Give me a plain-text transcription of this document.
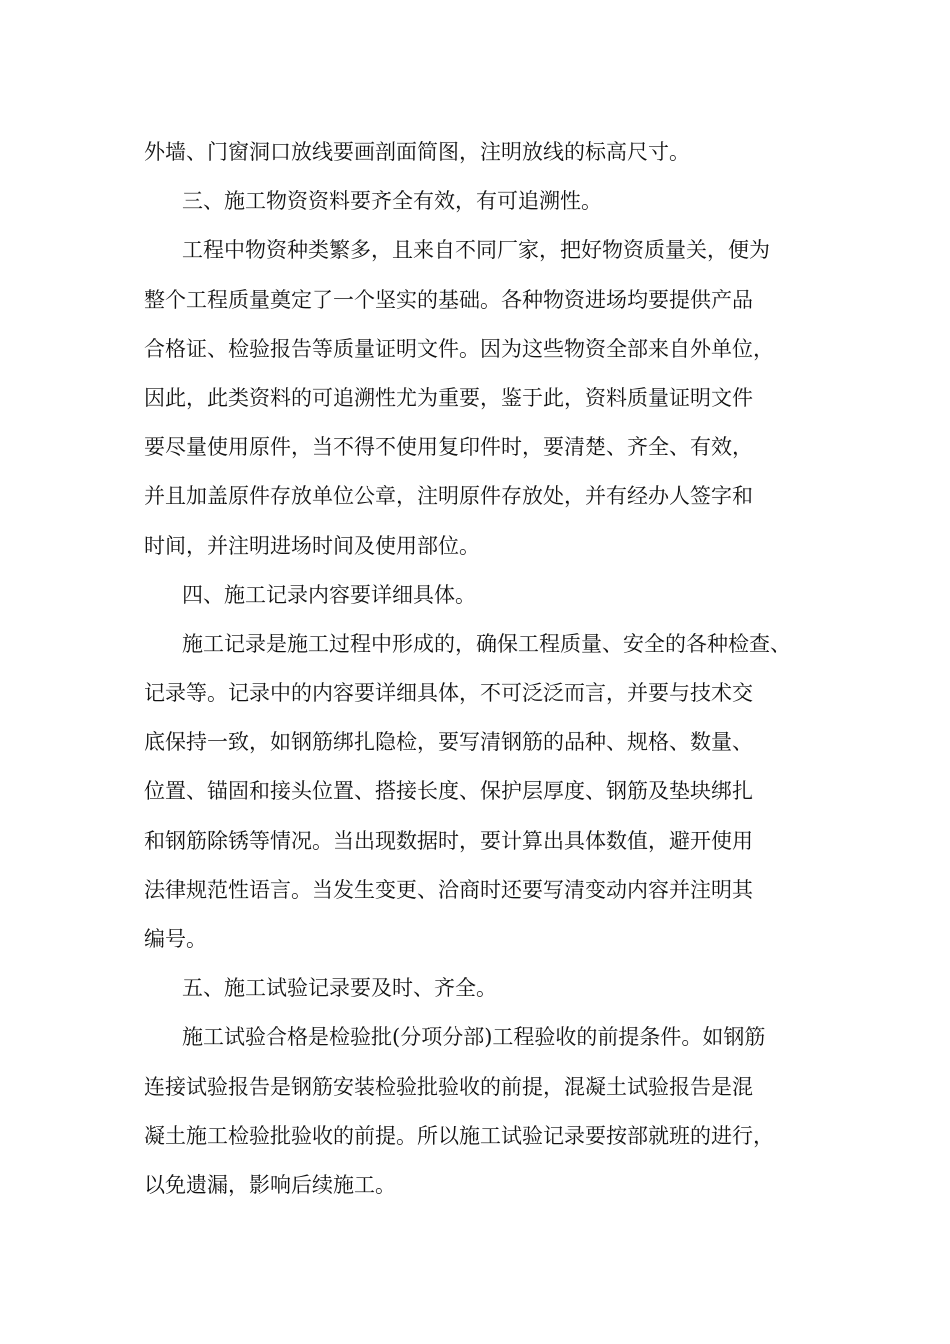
外墙、门窗洞口放线要画剖面简图，注明放线的标高尺寸。
三、施工物资资料要齐全有效，有可追溯性。
工程中物资种类繁多，且来自不同厂家，把好物资质量关，便为
整个工程质量奠定了一个坚实的基础。各种物资进场均要提供产品
合格证、检验报告等质量证明文件。因为这些物资全部来自外单位，
因此，此类资料的可追溯性尤为重要，鉴于此，资料质量证明文件
要尽量使用原件，当不得不使用复印件时，要清楚、齐全、有效，
并且加盖原件存放单位公章，注明原件存放处，并有经办人签字和
时间，并注明进场时间及使用部位。
四、施工记录内容要详细具体。
施工记录是施工过程中形成的，确保工程质量、安全的各种检查、
记录等。记录中的内容要详细具体，不可泛泛而言，并要与技术交
底保持一致，如钢筋绑扎隐检，要写清钢筋的品种、规格、数量、
位置、锚固和接头位置、搭接长度、保护层厚度、钢筋及垫块绑扎
和钢筋除锈等情况。当出现数据时，要计算出具体数值，避开使用
法律规范性语言。当发生变更、洽商时还要写清变动内容并注明其
编号。
五、施工试验记录要及时、齐全。
施工试验合格是检验批(分项分部)工程验收的前提条件。如钢筋
连接试验报告是钢筋安装检验批验收的前提，混凝土试验报告是混
凝土施工检验批验收的前提。所以施工试验记录要按部就班的进行，
以免遗漏，影响后续施工。
